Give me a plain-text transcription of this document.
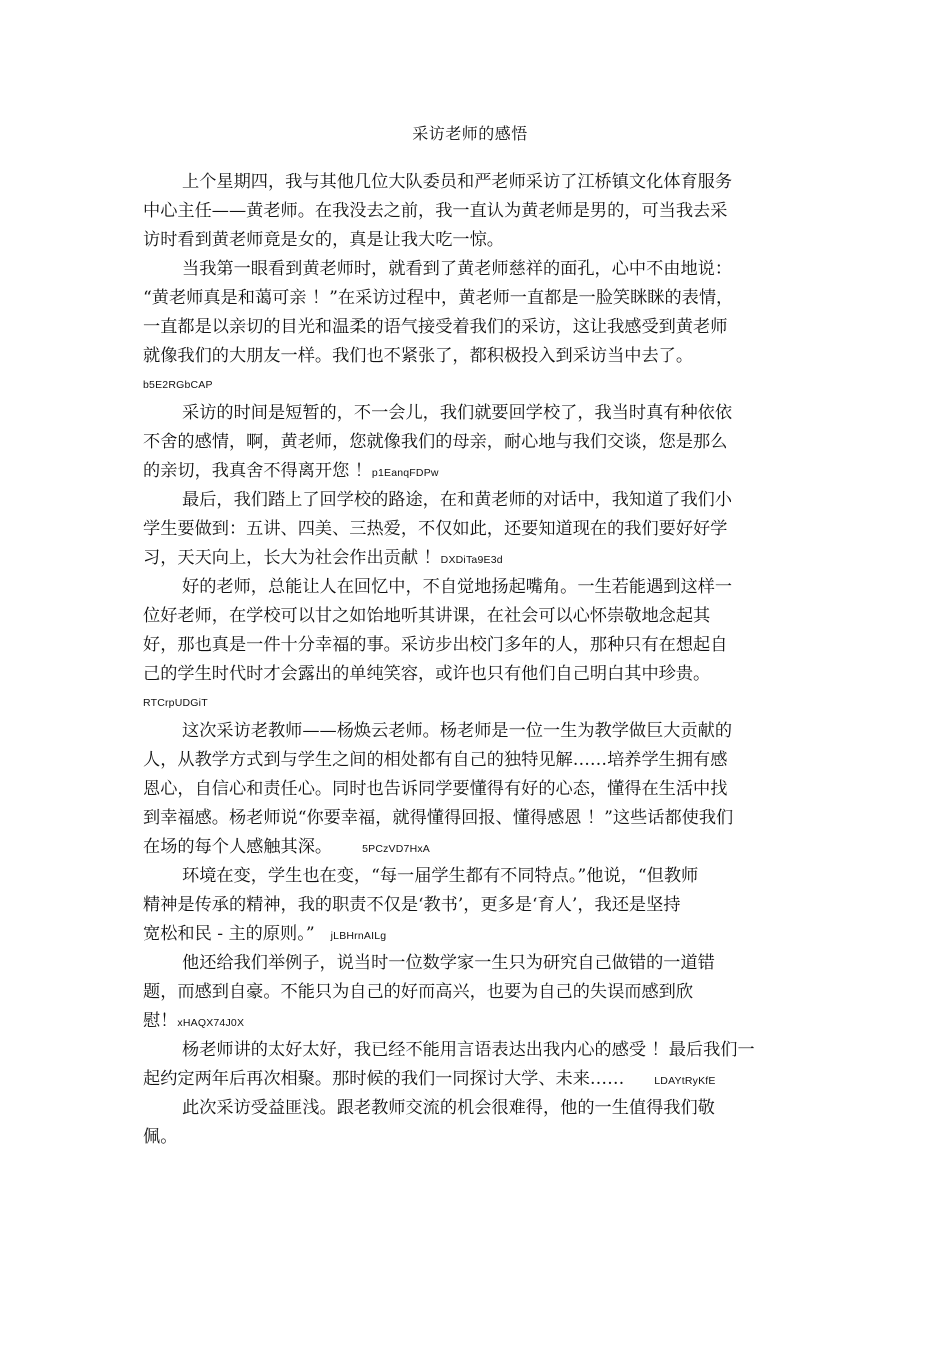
采访老师的感悟
上个星期四，我与其他几位大队委员和严老师采访了江桥镇文化体育服务
中心主任——黄老师。在我没去之前，我一直认为黄老师是男的，可当我去采
访时看到黄老师竟是女的，真是让我大吃一惊。
当我第一眼看到黄老师时，就看到了黄老师慈祥的面孔，心中不由地说：
“黄老师真是和蔼可亲 ！”在采访过程中，黄老师一直都是一脸笑眯眯的表情，
一直都是以亲切的目光和温柔的语气接受着我们的采访，这让我感受到黄老师
就像我们的大朋友一样。我们也不紧张了，都积极投入到采访当中去了。
b5E2RGbCAP
采访的时间是短暂的，不一会儿，我们就要回学校了，我当时真有种依依
不舍的感情，啊，黄老师，您就像我们的母亲，耐心地与我们交谈，您是那么
的亲切，我真舍不得离开您 ！p1EanqFDPw
最后，我们踏上了回学校的路途，在和黄老师的对话中，我知道了我们小
学生要做到：五讲、四美、三热爱，不仅如此，还要知道现在的我们要好好学
习，天天向上，长大为社会作出贡献 ！DXDiTa9E3d
好的老师，总能让人在回忆中，不自觉地扬起嘴角。一生若能遇到这样一
位好老师，在学校可以甘之如饴地听其讲课，在社会可以心怀崇敬地念起其
好，那也真是一件十分幸福的事。采访步出校门多年的人，那种只有在想起自
己的学生时代时才会露出的单纯笑容，或许也只有他们自己明白其中珍贵。
RTCrpUDGiT
这次采访老教师——杨焕云老师。杨老师是一位一生为教学做巨大贡献的
人，从教学方式到与学生之间的相处都有自己的独特见解……培养学生拥有感
恩心，自信心和责任心。同时也告诉同学要懂得有好的心态，懂得在生活中找
到幸福感。杨老师说“你要幸福，就得懂得回报、懂得感恩 ！”这些话都使我们
在场的每个人感触其深。	5PCzVD7HxA
环境在变，学生也在变，“每一届学生都有不同特点。”他说，“但教师
精神是传承的精神，我的职责不仅是‘教书’，更多是‘育人’，我还是坚持
宽松和民 - 主的原则。” jLBHrnAILg
他还给我们举例子，说当时一位数学家一生只为研究自己做错的一道错
题，而感到自豪。不能只为自己的好而高兴，也要为自己的失误而感到欣
慰！xHAQX74J0X
杨老师讲的太好太好，我已经不能用言语表达出我内心的感受 ！最后我们一
起约定两年后再次相聚。那时候的我们一同探讨大学、未来……	LDAYtRyKfE
此次采访受益匪浅。跟老教师交流的机会很难得，他的一生值得我们敬
佩。
